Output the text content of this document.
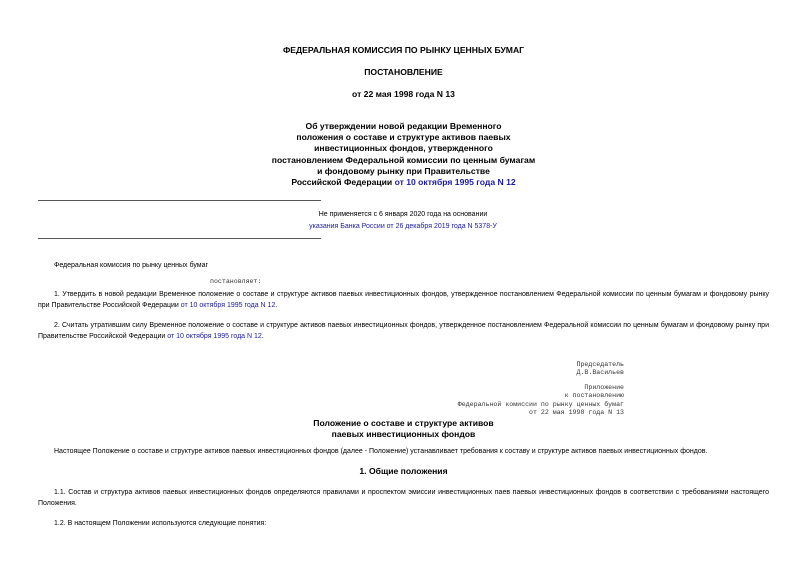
ФЕДЕРАЛЬНАЯ КОМИССИЯ ПО РЫНКУ ЦЕННЫХ БУМАГ
ПОСТАНОВЛЕНИЕ
от 22 мая 1998 года N 13
Об утверждении новой редакции Временного
положения о составе и структуре активов паевых
инвестиционных фондов, утвержденного
постановлением Федеральной комиссии по ценным бумагам
и фондовому рынку при Правительстве
Российской Федерации от 10 октября 1995 года N 12
Не применяется с 6 января 2020 года на основании
указания Банка России от 26 декабря 2019 года N 5378-У
Федеральная комиссия по рынку ценных бумаг
постановляет:
1. Утвердить в новой редакции Временное положение о составе и структуре активов паевых инвестиционных фондов, утвержденное постановлением Федеральной комиссии по ценным бумагам и фондовому рынку при Правительстве Российской Федерации от 10 октября 1995 года N 12.
2. Считать утратившим силу Временное положение о составе и структуре активов паевых инвестиционных фондов, утвержденное постановлением Федеральной комиссии по ценным бумагам и фондовому рынку при Правительстве Российской Федерации от 10 октября 1995 года N 12.
Председатель
Д.В.Васильев
Приложение
к постановлению
Федеральной комиссии по рынку ценных бумаг
от 22 мая 1998 года N 13
Положение о составе и структуре активов
паевых инвестиционных фондов
Настоящее Положение о составе и структуре активов паевых инвестиционных фондов (далее - Положение) устанавливает требования к составу и структуре активов паевых инвестиционных фондов.
1. Общие положения
1.1. Состав и структура активов паевых инвестиционных фондов определяются правилами и проспектом эмиссии инвестиционных паев паевых инвестиционных фондов в соответствии с требованиями настоящего Положения.
1.2. В настоящем Положении используются следующие понятия:
